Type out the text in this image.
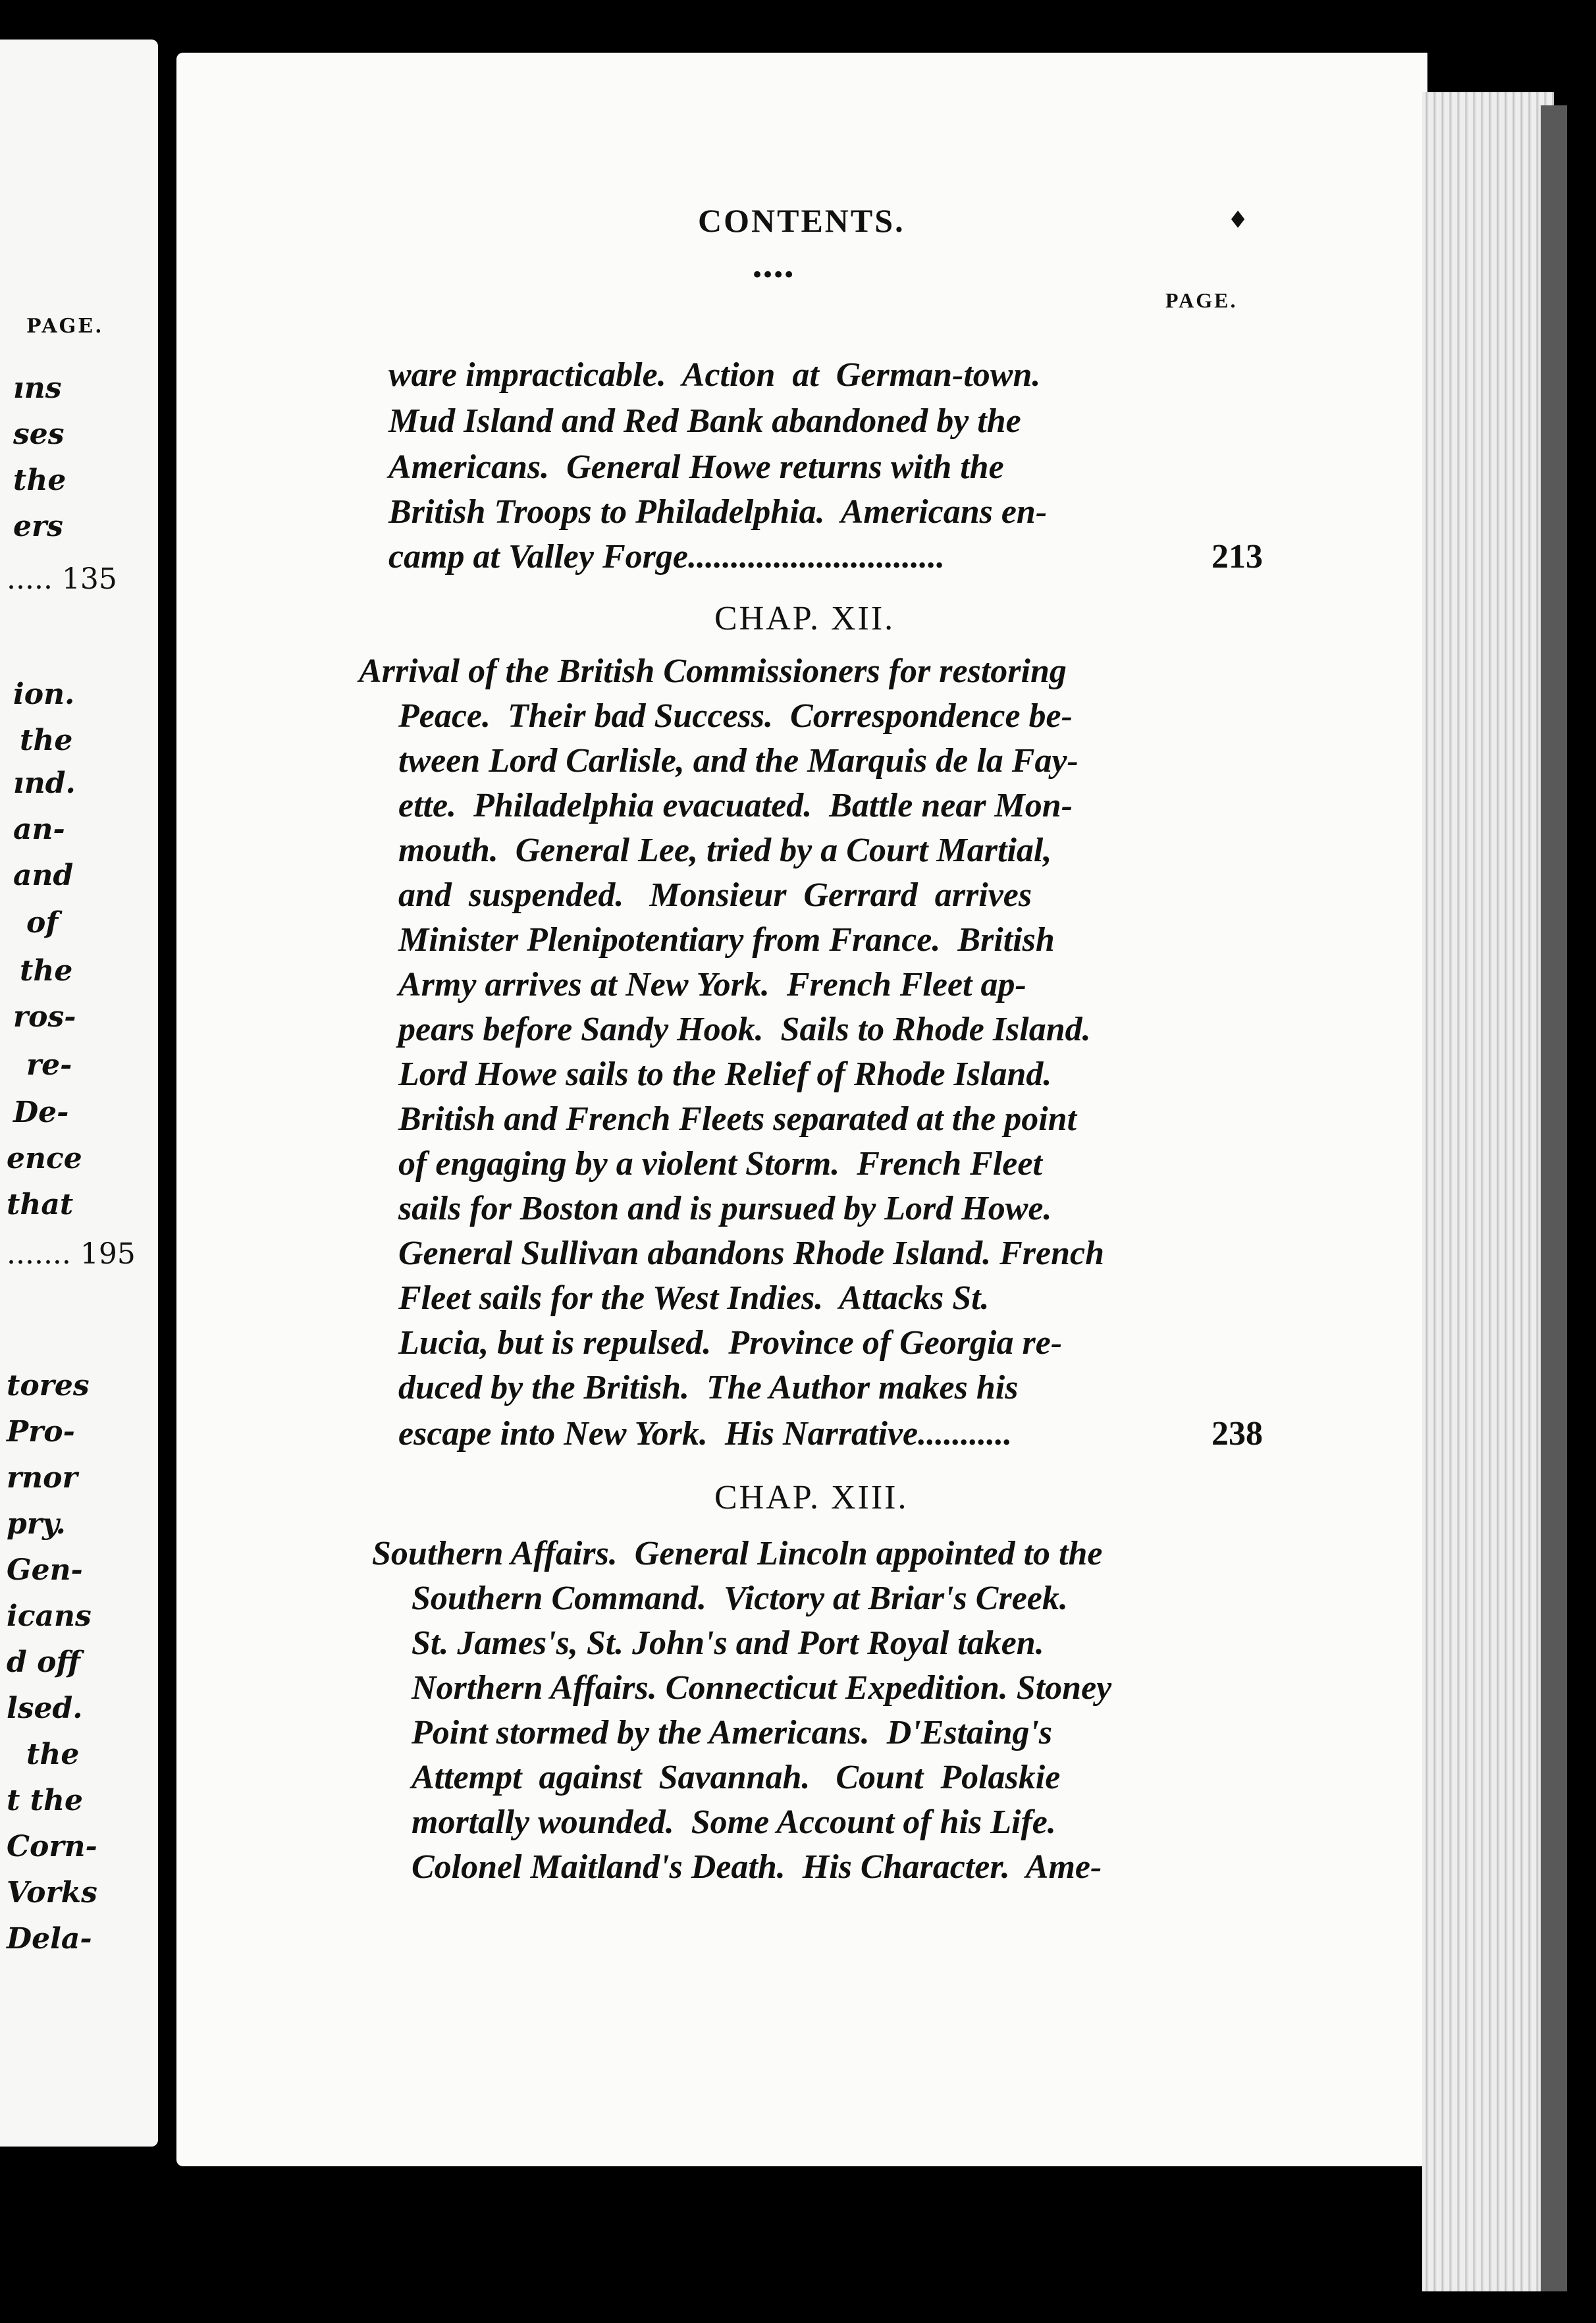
PAGE.
ıns
ses
the
ers
..... 135
ion.
the
ınd.
an-
and
of
the
ros-
re-
De-
ence
that
....... 195
tores
Pro-
rnor
pry.
Gen-
icans
d off
lsed.
the
t the
Corn-
Vorks
Dela-
CONTENTS.
••••
♦
PAGE.
ware impracticable.  Action  at  German-town.
Mud Island and Red Bank abandoned by the
Americans.  General Howe returns with the
British Troops to Philadelphia.  Americans en-
camp at Valley Forge..............................	213
CHAP. XII.
Arrival of the British Commissioners for restoring
Peace.  Their bad Success.  Correspondence be-
tween Lord Carlisle, and the Marquis de la Fay-
ette.  Philadelphia evacuated.  Battle near Mon-
mouth.  General Lee, tried by a Court Martial,
and  suspended.   Monsieur  Gerrard  arrives
Minister Plenipotentiary from France.  British
Army arrives at New York.  French Fleet ap-
pears before Sandy Hook.  Sails to Rhode Island.
Lord Howe sails to the Relief of Rhode Island.
British and French Fleets separated at the point
of engaging by a violent Storm.  French Fleet
sails for Boston and is pursued by Lord Howe.
General Sullivan abandons Rhode Island. French
Fleet sails for the West Indies.  Attacks St.
Lucia, but is repulsed.  Province of Georgia re-
duced by the British.  The Author makes his
escape into New York.  His Narrative...........	238
CHAP. XIII.
Southern Affairs.  General Lincoln appointed to the
Southern Command.  Victory at Briar's Creek.
St. James's, St. John's and Port Royal taken.
Northern Affairs. Connecticut Expedition. Stoney
Point stormed by the Americans.  D'Estaing's
Attempt  against  Savannah.   Count  Polaskie
mortally wounded.  Some Account of his Life.
Colonel Maitland's Death.  His Character.  Ame-
